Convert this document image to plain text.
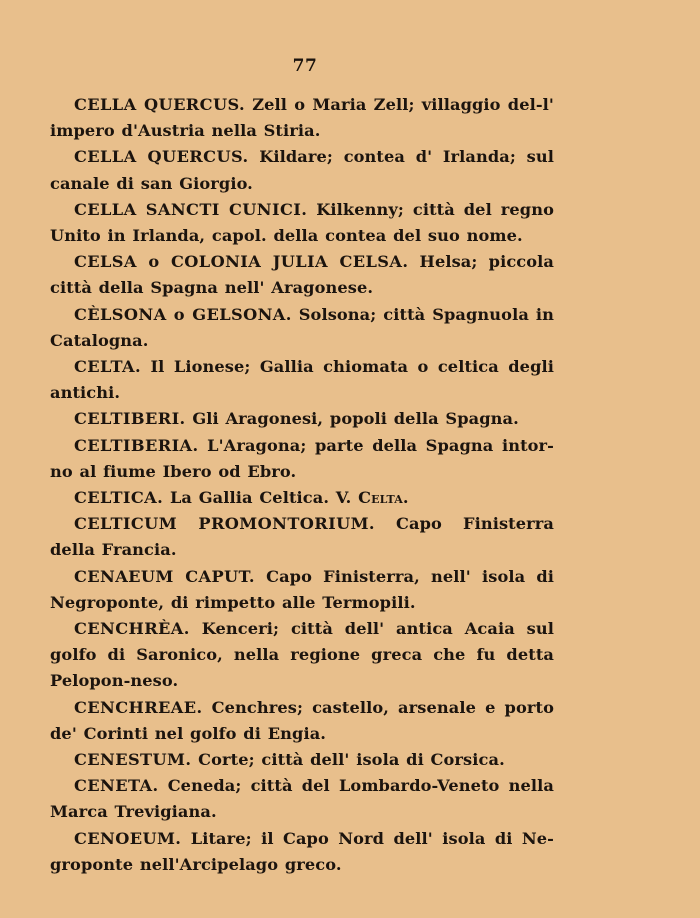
77

CELLA QUERCUS. Zell o Maria Zell; villaggio del-l' impero d'Austria nella Stiria.

CELLA QUERCUS. Kildare; contea d' Irlanda; sul canale di san Giorgio.

CELLA SANCTI CUNICI. Kilkenny; città del regno Unito in Irlanda, capol. della contea del suo nome.

CELSA o COLONIA JULIA CELSA. Helsa; piccola città della Spagna nell' Aragonese.

CÈLSONA o GELSONA. Solsona; città Spagnuola in Catalogna.

CELTA. Il Lionese; Gallia chiomata o celtica degli antichi.

CELTIBERI. Gli Aragonesi, popoli della Spagna.

CELTIBERIA. L'Aragona; parte della Spagna intor-no al fiume Ibero od Ebro.

CELTICA. La Gallia Celtica. V. Celta.

CELTICUM PROMONTORIUM. Capo Finisterra della Francia.

CENAEUM CAPUT. Capo Finisterra, nell' isola di Negroponte, di rimpetto alle Termopili.

CENCHRÈA. Kenceri; città dell' antica Acaia sul golfo di Saronico, nella regione greca che fu detta Pelopon-neso.

CENCHREAE. Cenchres; castello, arsenale e porto de' Corinti nel golfo di Engia.

CENESTUM. Corte; città dell' isola di Corsica.

CENETA. Ceneda; città del Lombardo-Veneto nella Marca Trevigiana.

CENOEUM. Litare; il Capo Nord dell' isola di Ne-groponte nell'Arcipelago greco.
